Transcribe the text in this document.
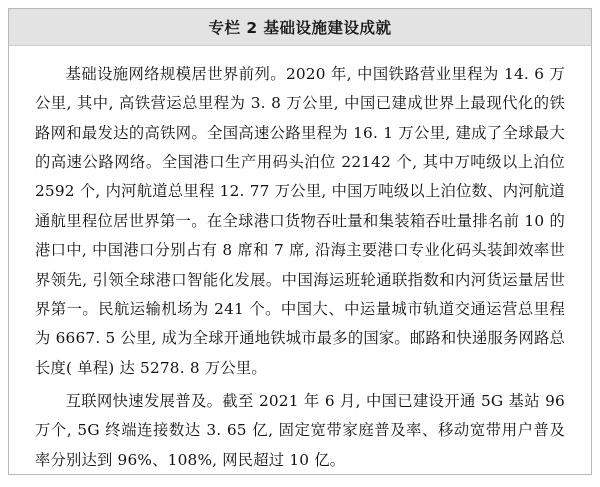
专栏 2 基础设施建设成就

基础设施网络规模居世界前列。2020 年, 中国铁路营业里程为 14. 6 万公里, 其中, 高铁营运总里程为 3. 8 万公里, 中国已建成世界上最现代化的铁路网和最发达的高铁网。全国高速公路里程为 16. 1 万公里, 建成了全球最大的高速公路网络。全国港口生产用码头泊位 22142 个, 其中万吨级以上泊位 2592 个, 内河航道总里程 12. 77 万公里, 中国万吨级以上泊位数、内河航道通航里程位居世界第一。在全球港口货物吞吐量和集装箱吞吐量排名前 10 的港口中, 中国港口分别占有 8 席和 7 席, 沿海主要港口专业化码头装卸效率世界领先, 引领全球港口智能化发展。中国海运班轮通联指数和内河货运量居世界第一。民航运输机场为 241 个。中国大、中运量城市轨道交通运营总里程为 6667. 5 公里, 成为全球开通地铁城市最多的国家。邮路和快递服务网路总长度( 单程) 达 5278. 8 万公里。

互联网快速发展普及。截至 2021 年 6 月, 中国已建设开通 5G 基站 96 万个, 5G 终端连接数达 3. 65 亿, 固定宽带家庭普及率、移动宽带用户普及率分别达到 96%、108%, 网民超过 10 亿。
